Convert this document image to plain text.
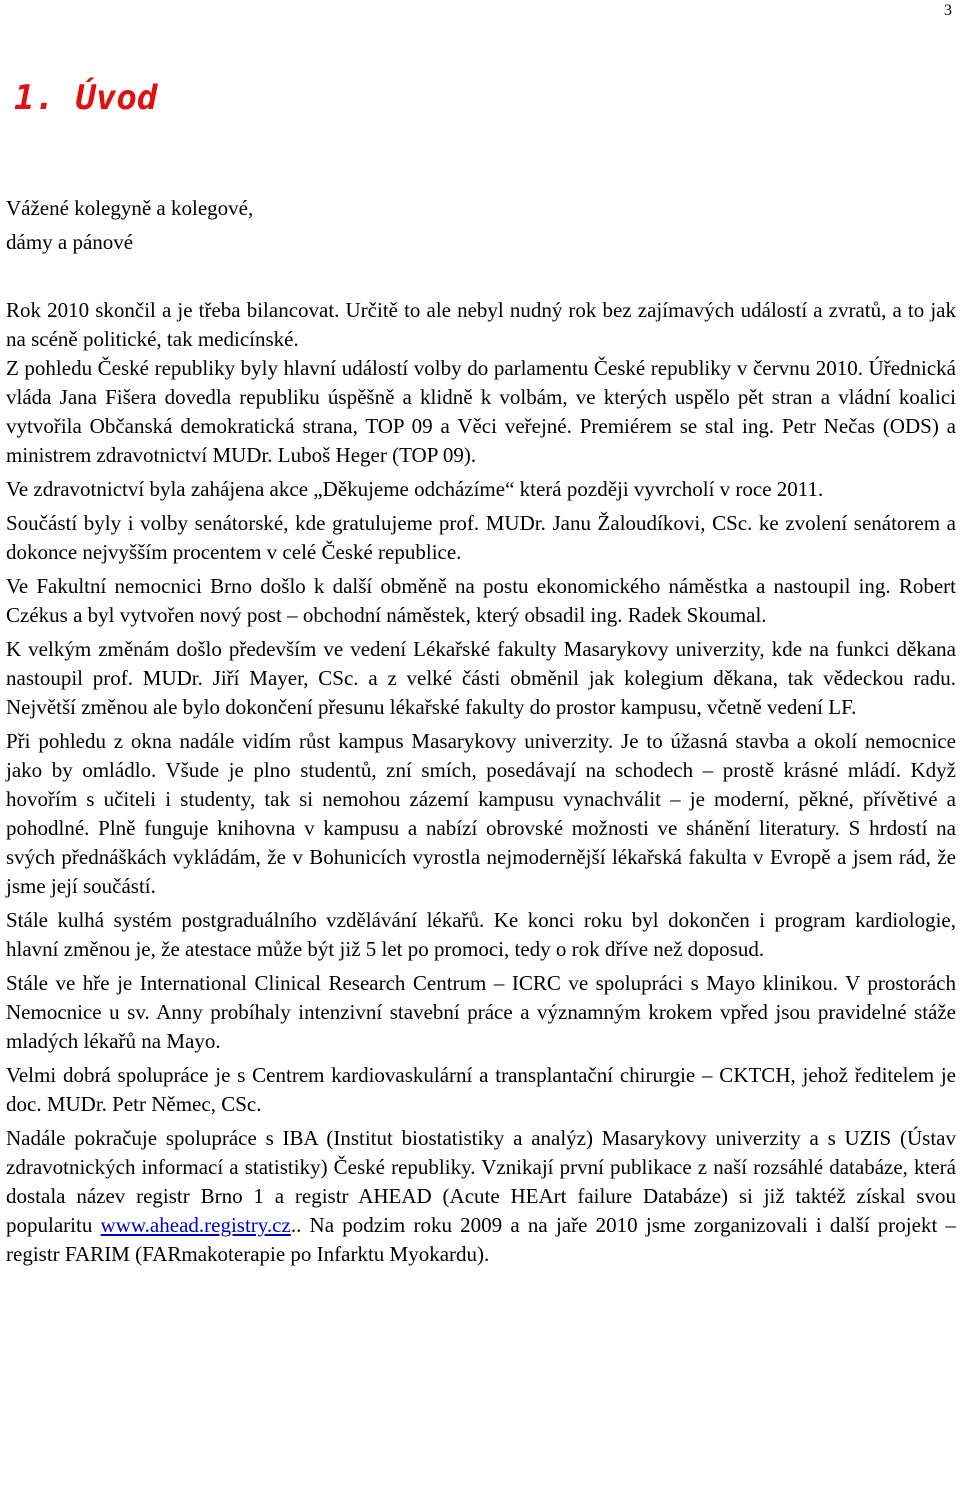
3
1. Úvod
Vážené kolegyně a kolegové,
dámy a pánové

Rok 2010 skončil a je třeba bilancovat. Určitě to ale nebyl nudný rok bez zajímavých událostí a zvratů, a to jak na scéně politické, tak medicínské.

Z pohledu České republiky byly hlavní událostí volby do parlamentu České republiky v červnu 2010. Úřednická vláda Jana Fišera dovedla republiku úspěšně a klidně k volbám, ve kterých uspělo pět stran a vládní koalici vytvořila Občanská demokratická strana, TOP 09 a Věci veřejné. Premiérem se stal ing. Petr Nečas (ODS) a ministrem zdravotnictví MUDr. Luboš Heger (TOP 09).

Ve zdravotnictví byla zahájena akce „Děkujeme odcházíme“ která později vyvrcholí v roce 2011.

Součástí byly i volby senátorské, kde gratulujeme prof. MUDr. Janu Žaloudíkovi, CSc. ke zvolení senátorem a dokonce nejvyšším procentem v celé České republice.

Ve Fakultní nemocnici Brno došlo k další obměně na postu ekonomického náměstka a nastoupil ing. Robert Czékus a byl vytvořen nový post – obchodní náměstek, který obsadil ing. Radek Skoumal.

K velkým změnám došlo především ve vedení Lékařské fakulty Masarykovy univerzity, kde na funkci děkana nastoupil prof. MUDr. Jiří Mayer, CSc. a z velké části obměnil jak kolegium děkana, tak vědeckou radu. Největší změnou ale bylo dokončení přesunu lékařské fakulty do prostor kampusu, včetně vedení LF.

Při pohledu z okna nadále vidím růst kampus Masarykovy univerzity. Je to úžasná stavba a okolí nemocnice jako by omládlo. Všude je plno studentů, zní smích, posedávají na schodech – prostě krásné mládí. Když hovořím s učiteli i studenty, tak si nemohou zázemí kampusu vynachválit – je moderní, pěkné, přívětivé a pohodlné. Plně funguje knihovna v kampusu a nabízí obrovské možnosti ve shánění literatury. S hrdostí na svých přednáškách vykládám, že v Bohunicích vyrostla nejmodernější lékařská fakulta v Evropě a jsem rád, že jsme její součástí.

Stále kulhá systém postgraduálního vzdělávání lékařů. Ke konci roku byl dokončen i program kardiologie, hlavní změnou je, že atestace může být již 5 let po promoci, tedy o rok dříve než doposud.

Stále ve hře je International Clinical Research Centrum – ICRC ve spolupráci s Mayo klinikou. V prostorách Nemocnice u sv. Anny probíhaly intenzivní stavební práce a významným krokem vpřed jsou pravidelné stáže mladých lékařů na Mayo.

Velmi dobrá spolupráce je s Centrem kardiovaskulární a transplantační chirurgie – CKTCH, jehož ředitelem je doc. MUDr. Petr Němec, CSc.

Nadále pokračuje spolupráce s IBA (Institut biostatistiky a analýz) Masarykovy univerzity a s UZIS (Ústav zdravotnických informací a statistiky) České republiky. Vznikají první publikace z naší rozsáhlé databáze, která dostala název registr Brno 1 a registr AHEAD (Acute HEArt failure Databáze) si již taktéž získal svou popularitu www.ahead.registry.cz.. Na podzim roku 2009 a na jaře 2010 jsme zorganizovali i další projekt – registr FARIM (FARmakoterapie po Infarktu Myokardu).
